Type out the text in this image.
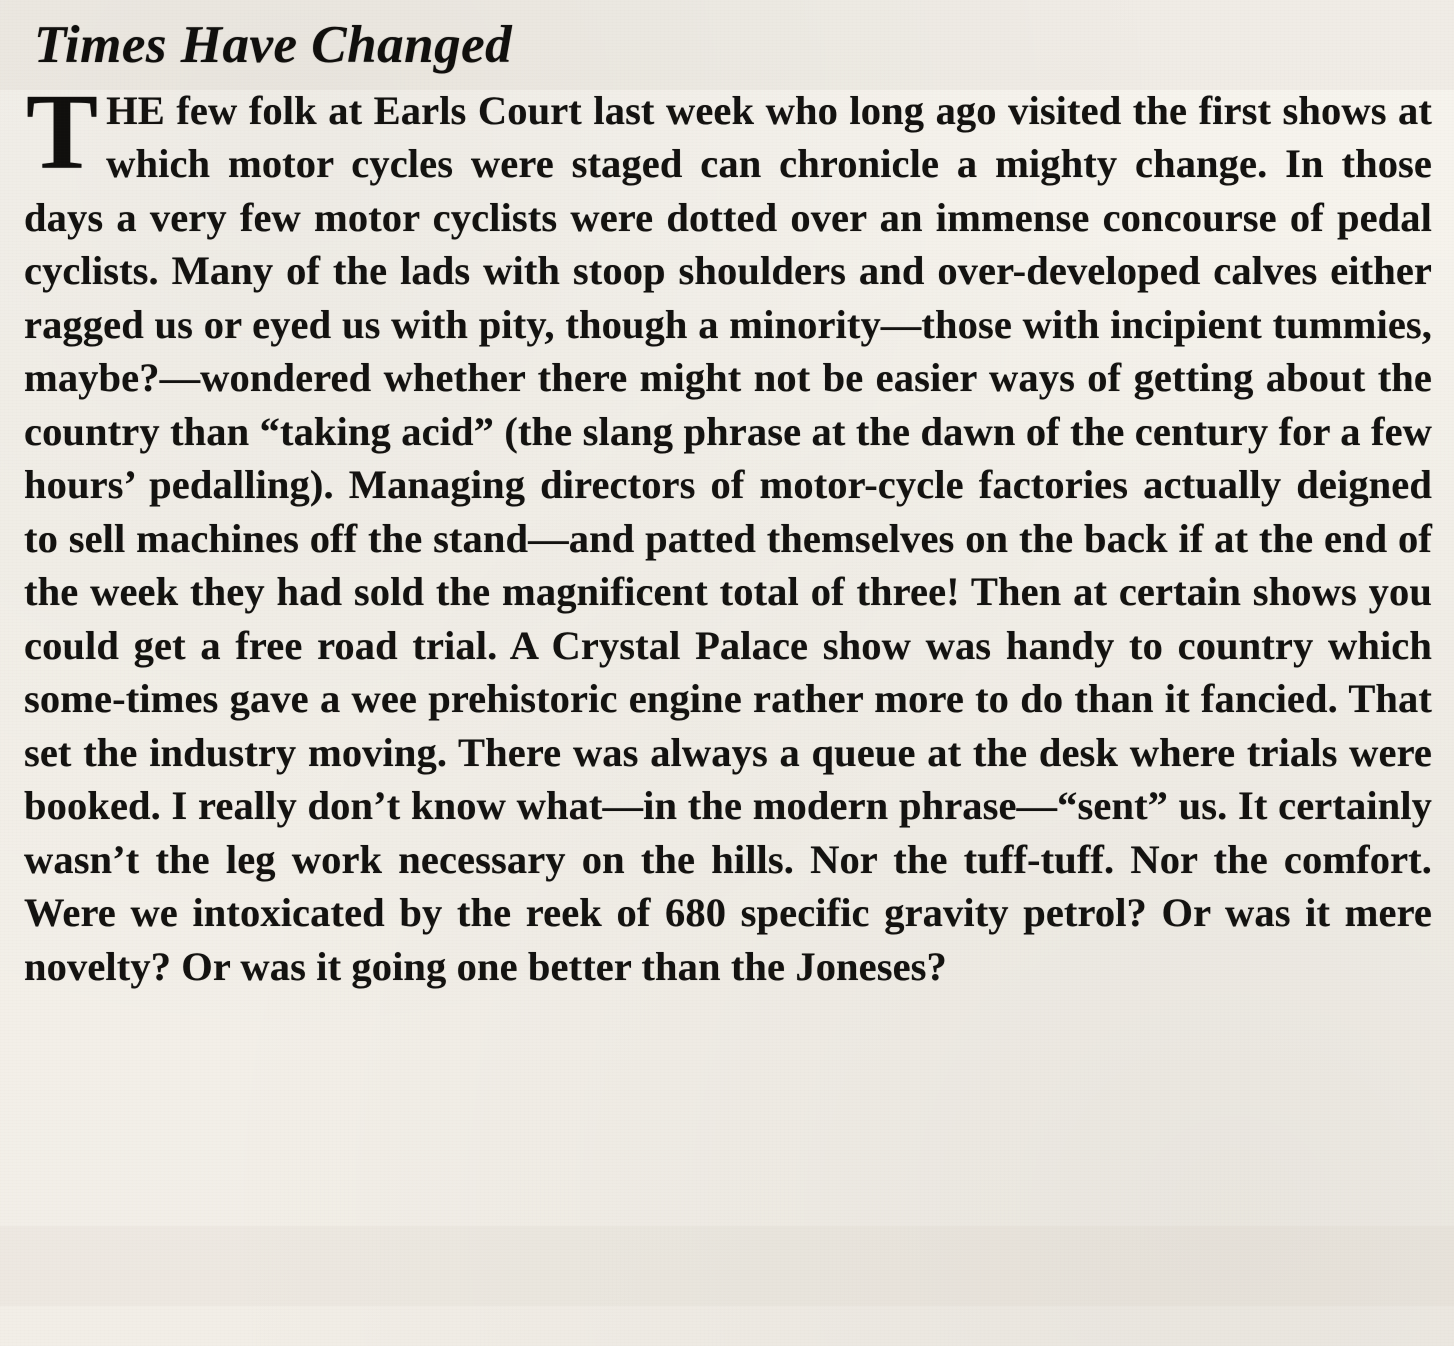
Times Have Changed

THE few folk at Earls Court last week who long ago visited the first shows at which motor cycles were staged can chronicle a mighty change. In those days a very few motor cyclists were dotted over an immense concourse of pedal cyclists. Many of the lads with stoop shoulders and over-developed calves either ragged us or eyed us with pity, though a minority—those with incipient tummies, maybe?—wondered whether there might not be easier ways of getting about the country than “taking acid” (the slang phrase at the dawn of the century for a few hours’ pedalling). Managing directors of motor-cycle factories actually deigned to sell machines off the stand—and patted themselves on the back if at the end of the week they had sold the magnificent total of three! Then at certain shows you could get a free road trial. A Crystal Palace show was handy to country which some-times gave a wee prehistoric engine rather more to do than it fancied. That set the industry moving. There was always a queue at the desk where trials were booked. I really don’t know what—in the modern phrase—“sent” us. It certainly wasn’t the leg work necessary on the hills. Nor the tuff-tuff. Nor the comfort. Were we intoxicated by the reek of 680 specific gravity petrol? Or was it mere novelty? Or was it going one better than the Joneses?
